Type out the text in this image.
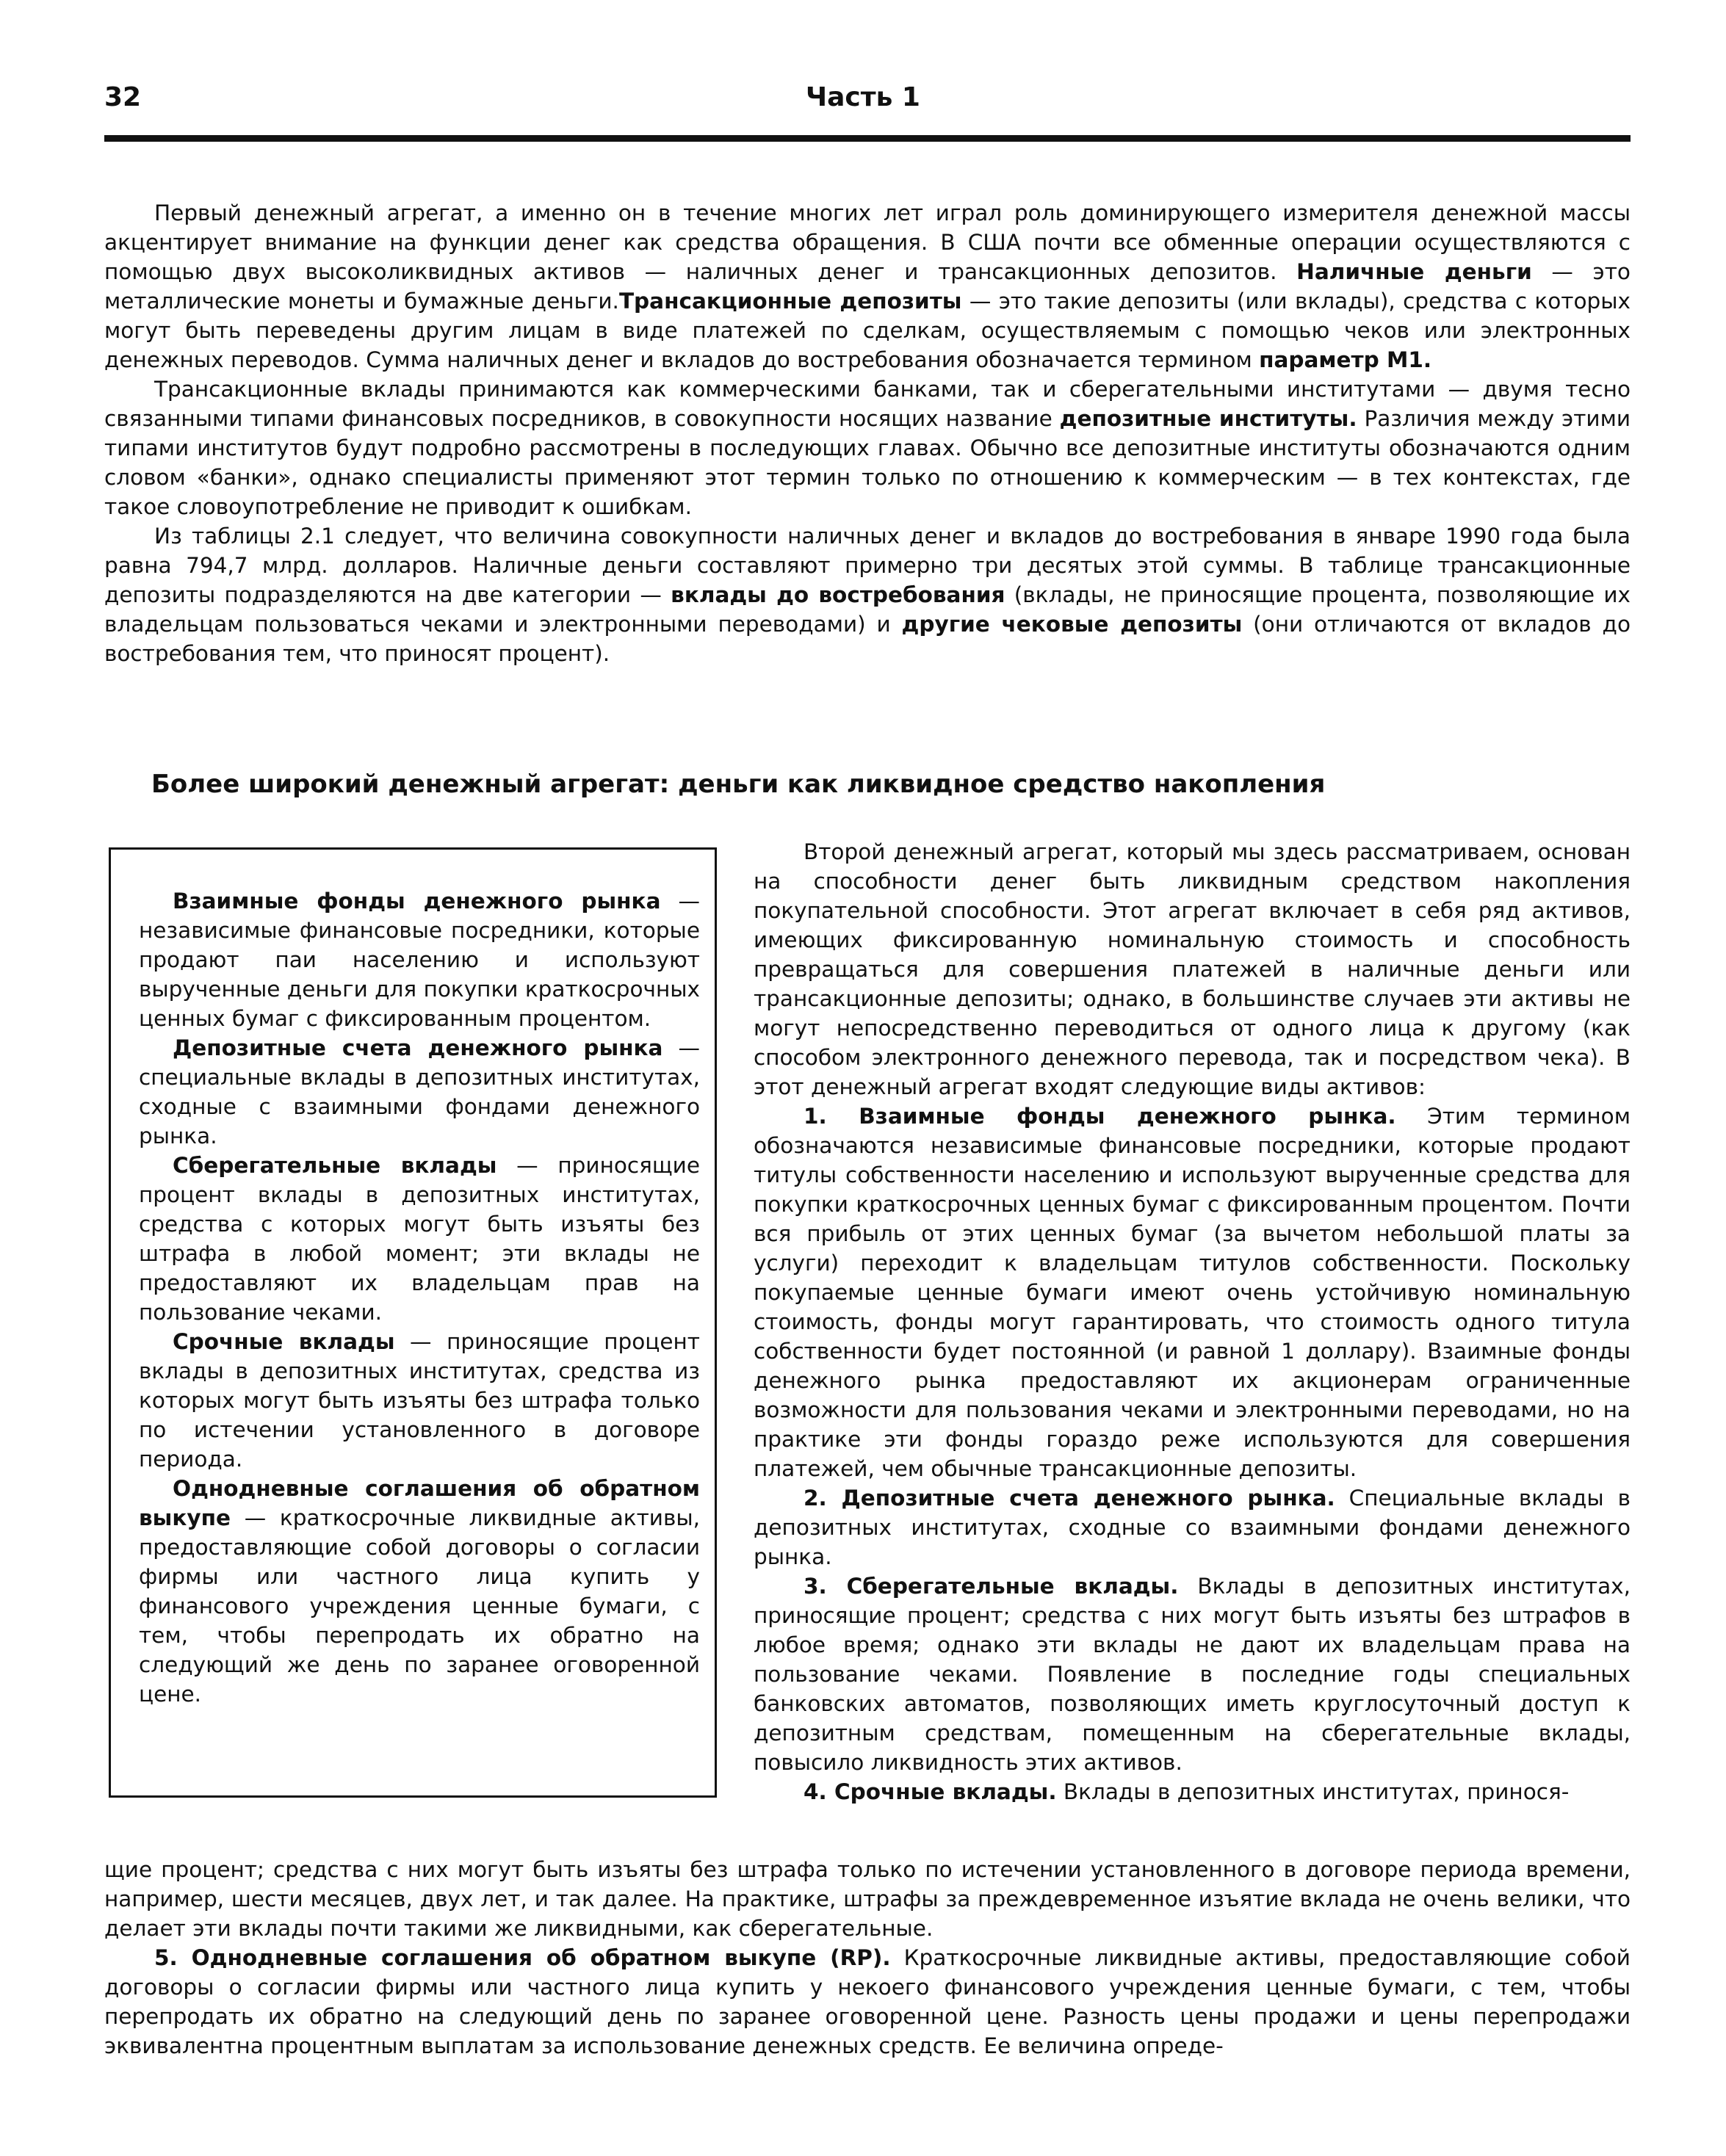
32	Часть 1

Первый денежный агрегат, а именно он в течение многих лет играл роль доминирующего измерителя денежной массы акцентирует внимание на функции денег как средства обращения. В США почти все обменные операции осуществляются с помощью двух высоколиквидных активов — наличных денег и трансакционных депозитов. Наличные деньги — это металлические монеты и бумажные деньги.Трансакционные депозиты — это такие депозиты (или вклады), средства с которых могут быть переведены другим лицам в виде платежей по сделкам, осуществляемым с помощью чеков или электронных денежных переводов. Сумма наличных денег и вкладов до востребования обозначается термином параметр М1.

Трансакционные вклады принимаются как коммерческими банками, так и сберегательными институтами — двумя тесно связанными типами финансовых посредников, в совокупности носящих название депозитные институты. Различия между этими типами институтов будут подробно рассмотрены в последующих главах. Обычно все депозитные институты обозначаются одним словом «банки», однако специалисты применяют этот термин только по отношению к коммерческим — в тех контекстах, где такое словоупотребление не приводит к ошибкам.

Из таблицы 2.1 следует, что величина совокупности наличных денег и вкладов до востребования в январе 1990 года была равна 794,7 млрд. долларов. Наличные деньги составляют примерно три десятых этой суммы. В таблице трансакционные депозиты подразделяются на две категории — вклады до востребования (вклады, не приносящие процента, позволяющие их владельцам пользоваться чеками и электронными переводами) и другие чековые депозиты (они отличаются от вкладов до востребования тем, что приносят процент).

Более широкий денежный агрегат: деньги как ликвидное средство накопления

Взаимные фонды денежного рынка — независимые финансовые посредники, которые продают паи населению и используют вырученные деньги для покупки краткосрочных ценных бумаг с фиксированным процентом.

Депозитные счета денежного рынка — специальные вклады в депозитных институтах, сходные с взаимными фондами денежного рынка.

Сберегательные вклады — приносящие процент вклады в депозитных институтах, средства с которых могут быть изъяты без штрафа в любой момент; эти вклады не предоставляют их владельцам прав на пользование чеками.

Срочные вклады — приносящие процент вклады в депозитных институтах, средства из которых могут быть изъяты без штрафа только по истечении установленного в договоре периода.

Однодневные соглашения об обратном выкупе — краткосрочные ликвидные активы, предоставляющие собой договоры о согласии фирмы или частного лица купить у финансового учреждения ценные бумаги, с тем, чтобы перепродать их обратно на следующий же день по заранее оговоренной цене.

Второй денежный агрегат, который мы здесь рассматриваем, основан на способности денег быть ликвидным средством накопления покупательной способности. Этот агрегат включает в себя ряд активов, имеющих фиксированную номинальную стоимость и способность превращаться для совершения платежей в наличные деньги или трансакционные депозиты; однако, в большинстве случаев эти активы не могут непосредственно переводиться от одного лица к другому (как способом электронного денежного перевода, так и посредством чека). В этот денежный агрегат входят следующие виды активов:

1. Взаимные фонды денежного рынка. Этим термином обозначаются независимые финансовые посредники, которые продают титулы собственности населению и используют вырученные средства для покупки краткосрочных ценных бумаг с фиксированным процентом. Почти вся прибыль от этих ценных бумаг (за вычетом небольшой платы за услуги) переходит к владельцам титулов собственности. Поскольку покупаемые ценные бумаги имеют очень устойчивую номинальную стоимость, фонды могут гарантировать, что стоимость одного титула собственности будет постоянной (и равной 1 доллару). Взаимные фонды денежного рынка предоставляют их акционерам ограниченные возможности для пользования чеками и электронными переводами, но на практике эти фонды гораздо реже используются для совершения платежей, чем обычные трансакционные депозиты.

2. Депозитные счета денежного рынка. Специальные вклады в депозитных институтах, сходные со взаимными фондами денежного рынка.

3. Сберегательные вклады. Вклады в депозитных институтах, приносящие процент; средства с них могут быть изъяты без штрафов в любое время; однако эти вклады не дают их владельцам права на пользование чеками. Появление в последние годы специальных банковских автоматов, позволяющих иметь круглосуточный доступ к депозитным средствам, помещенным на сберегательные вклады, повысило ликвидность этих активов.

4. Срочные вклады. Вклады в депозитных институтах, принося-

щие процент; средства с них могут быть изъяты без штрафа только по истечении установленного в договоре периода времени, например, шести месяцев, двух лет, и так далее. На практике, штрафы за преждевременное изъятие вклада не очень велики, что делает эти вклады почти такими же ликвидными, как сберегательные.

5. Однодневные соглашения об обратном выкупе (RP). Краткосрочные ликвидные активы, предоставляющие собой договоры о согласии фирмы или частного лица купить у некоего финансового учреждения ценные бумаги, с тем, чтобы перепродать их обратно на следующий день по заранее оговоренной цене. Разность цены продажи и цены перепродажи эквивалентна процентным выплатам за использование денежных средств. Ее величина опреде-
